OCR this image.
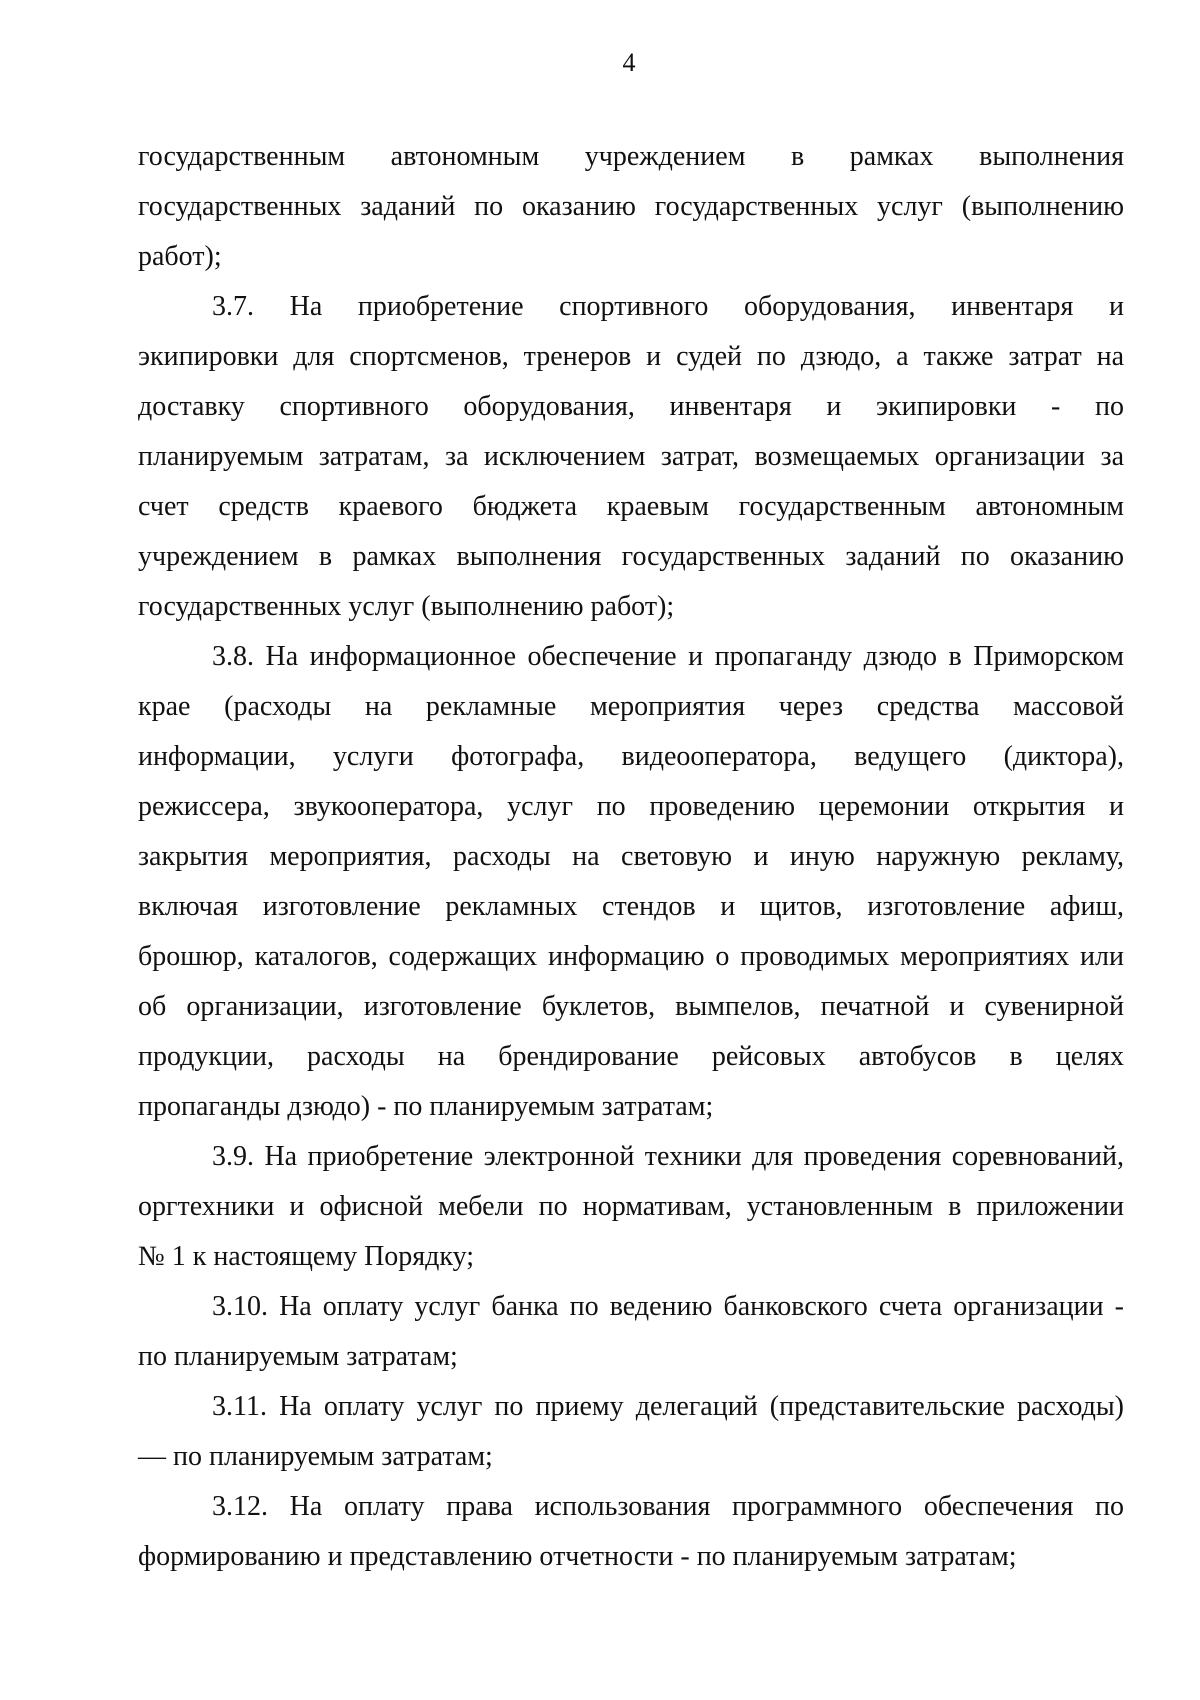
4

государственным автономным учреждением в рамках выполнения
государственных заданий по оказанию государственных услуг (выполнению
работ);

3.7. На приобретение спортивного оборудования, инвентаря и
экипировки для спортсменов, тренеров и судей по дзюдо, а также затрат на
доставку спортивного оборудования, инвентаря и экипировки - по
планируемым затратам, за исключением затрат, возмещаемых организации за
счет средств краевого бюджета краевым государственным автономным
учреждением в рамках выполнения государственных заданий по оказанию
государственных услуг (выполнению работ);

3.8. На информационное обеспечение и пропаганду дзюдо в Приморском
крае (расходы на рекламные мероприятия через средства массовой
информации, услуги фотографа, видеооператора, ведущего (диктора),
режиссера, звукооператора, услуг по проведению церемонии открытия и
закрытия мероприятия, расходы на световую и иную наружную рекламу,
включая изготовление рекламных стендов и щитов, изготовление афиш,
брошюр, каталогов, содержащих информацию о проводимых мероприятиях или
об организации, изготовление буклетов, вымпелов, печатной и сувенирной
продукции, расходы на брендирование рейсовых автобусов в целях
пропаганды дзюдо) - по планируемым затратам;

3.9. На приобретение электронной техники для проведения соревнований,
оргтехники и офисной мебели по нормативам, установленным в приложении
№ 1 к настоящему Порядку;

3.10. На оплату услуг банка по ведению банковского счета организации -
по планируемым затратам;

3.11. На оплату услуг по приему делегаций (представительские расходы)
— по планируемым затратам;

3.12. На оплату права использования программного обеспечения по
формированию и представлению отчетности - по планируемым затратам;
